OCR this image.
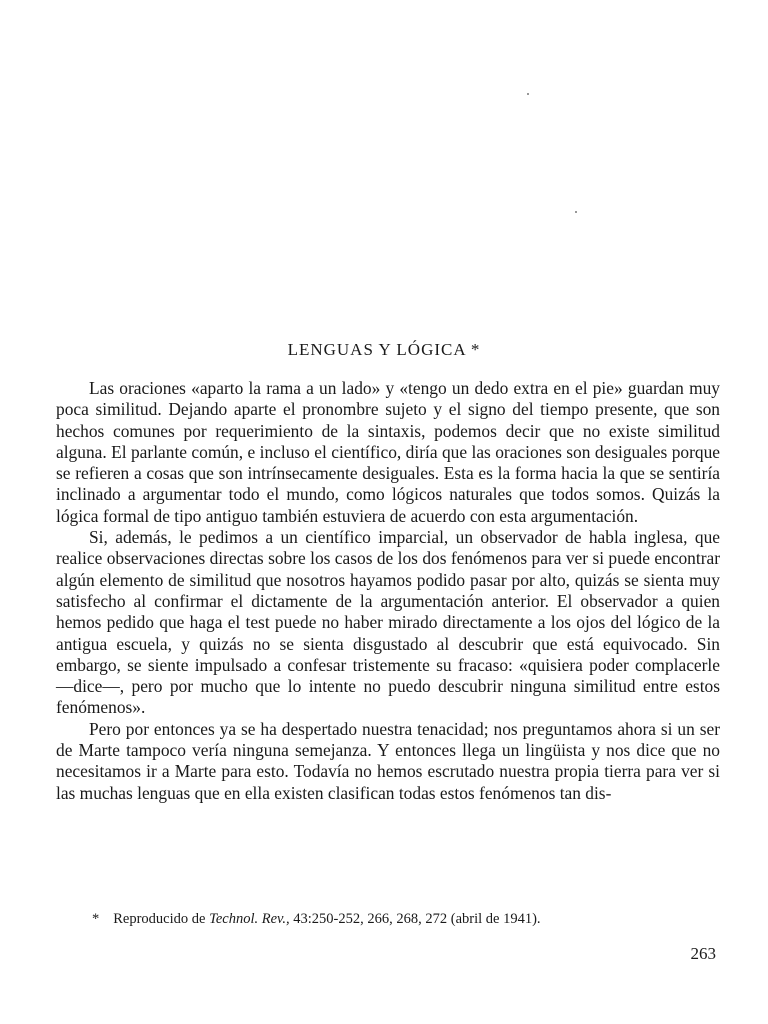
LENGUAS Y LÓGICA *

Las oraciones «aparto la rama a un lado» y «tengo un dedo extra en el pie» guardan muy poca similitud. Dejando aparte el pronombre sujeto y el signo del tiempo presente, que son hechos comunes por requerimiento de la sintaxis, podemos decir que no existe similitud alguna. El parlante común, e incluso el científico, diría que las oraciones son desiguales porque se refieren a cosas que son intrínsecamente desiguales. Esta es la forma hacia la que se sentiría inclinado a argumentar todo el mundo, como lógicos naturales que todos somos. Quizás la lógica formal de tipo antiguo también estuviera de acuerdo con esta argumentación.

Si, además, le pedimos a un científico imparcial, un observador de habla inglesa, que realice observaciones directas sobre los casos de los dos fenómenos para ver si puede encontrar algún elemento de similitud que nosotros hayamos podido pasar por alto, quizás se sienta muy satisfecho al confirmar el dictamente de la argumentación anterior. El observador a quien hemos pedido que haga el test puede no haber mirado directamente a los ojos del lógico de la antigua escuela, y quizás no se sienta disgustado al descubrir que está equivocado. Sin embargo, se siente impulsado a confesar tristemente su fracaso: «quisiera poder complacerle —dice—, pero por mucho que lo intente no puedo descubrir ninguna similitud entre estos fenómenos».

Pero por entonces ya se ha despertado nuestra tenacidad; nos preguntamos ahora si un ser de Marte tampoco vería ninguna semejanza. Y entonces llega un lingüista y nos dice que no necesitamos ir a Marte para esto. Todavía no hemos escrutado nuestra propia tierra para ver si las muchas lenguas que en ella existen clasifican todas estos fenómenos tan dis-

* Reproducido de Technol. Rev., 43:250-252, 266, 268, 272 (abril de 1941).
263
